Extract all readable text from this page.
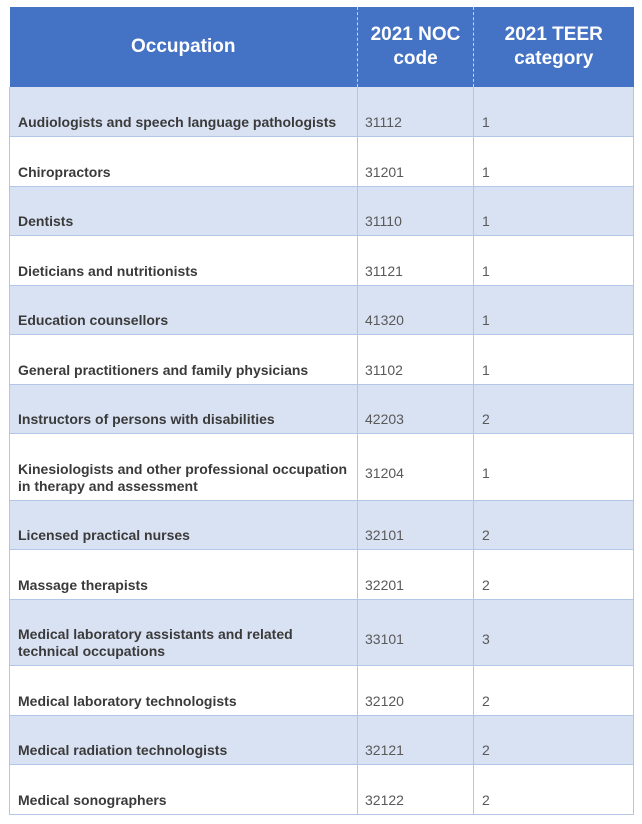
Occupation	2021 NOC code	2021 TEER category
Audiologists and speech language pathologists	31112	1
Chiropractors	31201	1
Dentists	31110	1
Dieticians and nutritionists	31121	1
Education counsellors	41320	1
General practitioners and family physicians	31102	1
Instructors of persons with disabilities	42203	2
Kinesiologists and other professional occupation in therapy and assessment	31204	1
Licensed practical nurses	32101	2
Massage therapists	32201	2
Medical laboratory assistants and related technical occupations	33101	3
Medical laboratory technologists	32120	2
Medical radiation technologists	32121	2
Medical sonographers	32122	2
